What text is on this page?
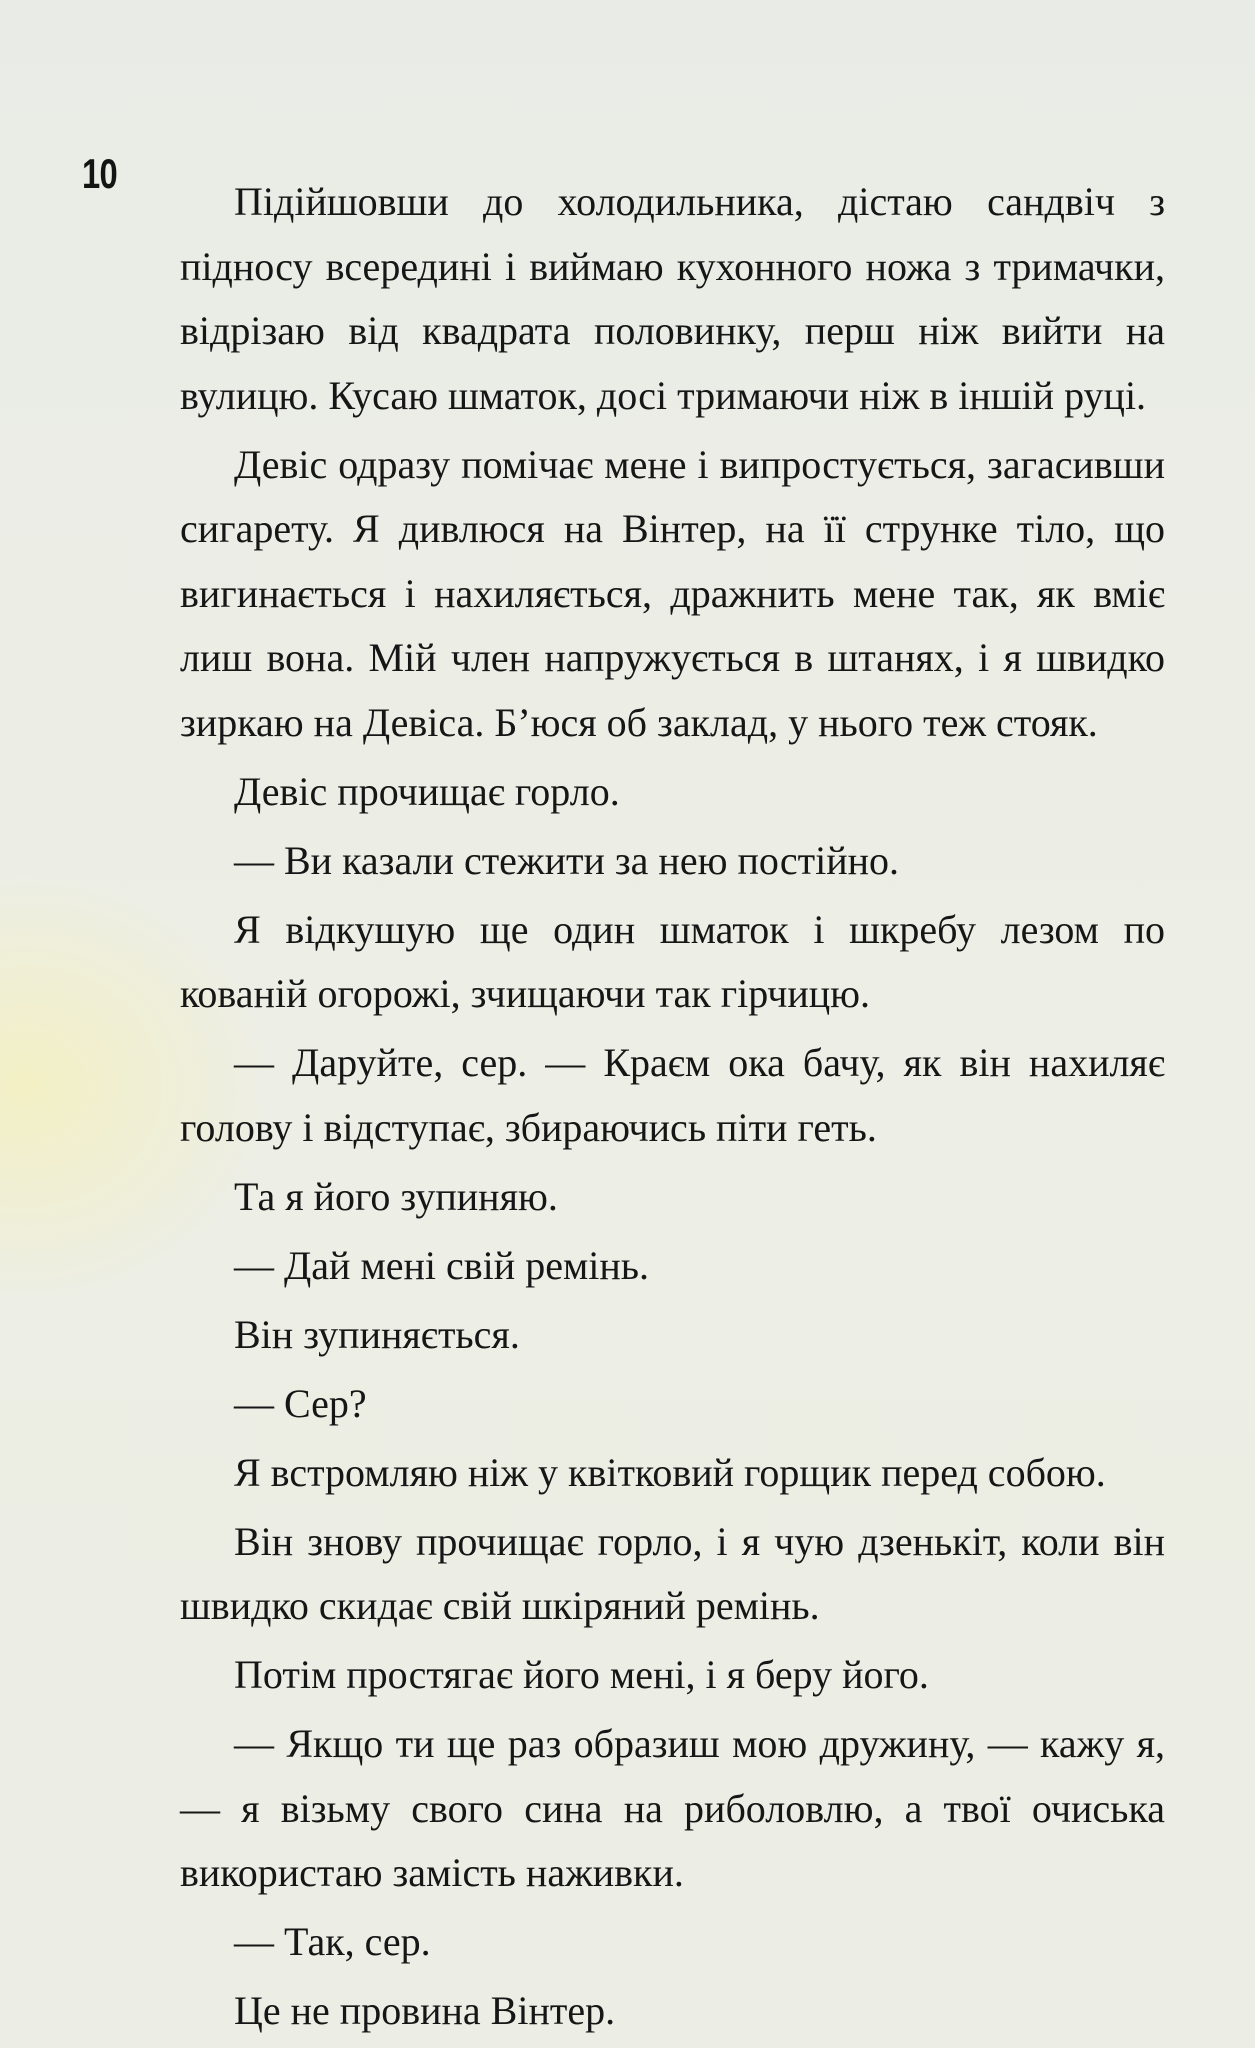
10

Підійшовши до холодильника, дістаю сандвіч з підносу всередині і виймаю кухонного ножа з тримачки, відрізаю від квадрата половинку, перш ніж вийти на вулицю. Кусаю шматок, досі тримаючи ніж в іншій руці.

Девіс одразу помічає мене і випростується, загасивши сигарету. Я дивлюся на Вінтер, на її струнке тіло, що вигинається і нахиляється, дражнить мене так, як вміє лиш вона. Мій член напружується в штанях, і я швидко зиркаю на Девіса. Б’юся об заклад, у нього теж стояк.

Девіс прочищає горло.

— Ви казали стежити за нею постійно.

Я відкушую ще один шматок і шкребу лезом по кованій огорожі, зчищаючи так гірчицю.

— Даруйте, сер. — Краєм ока бачу, як він нахиляє голову і відступає, збираючись піти геть.

Та я його зупиняю.

— Дай мені свій ремінь.

Він зупиняється.

— Сер?

Я встромляю ніж у квітковий горщик перед собою.

Він знову прочищає горло, і я чую дзенькіт, коли він швидко скидає свій шкіряний ремінь.

Потім простягає його мені, і я беру його.

— Якщо ти ще раз образиш мою дружину, — кажу я, — я візьму свого сина на риболовлю, а твої очиська використаю замість наживки.

— Так, сер.

Це не провина Вінтер.
